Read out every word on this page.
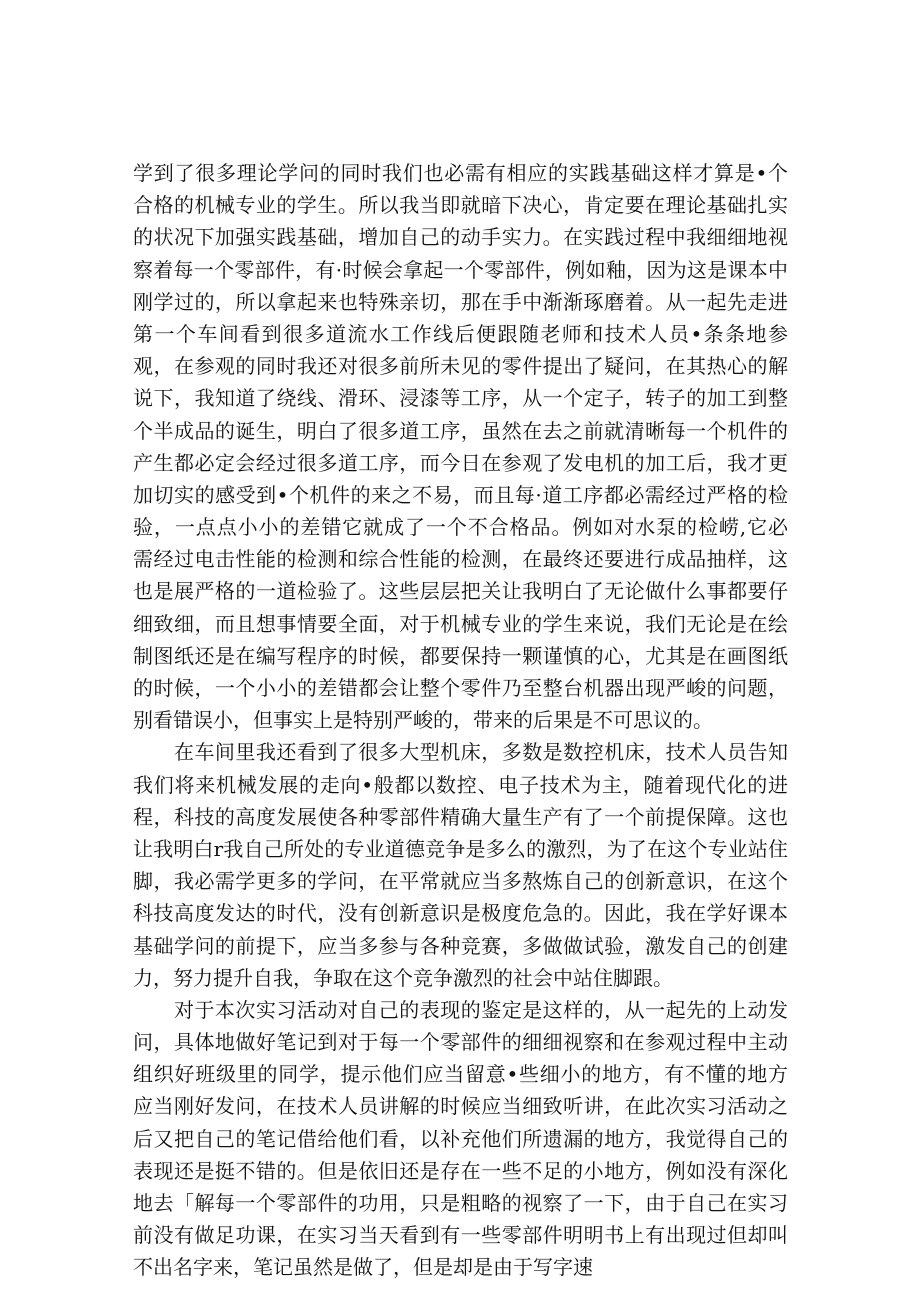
学到了很多理论学问的同时我们也必需有相应的实践基础这样才算是•个
合格的机械专业的学生。所以我当即就暗下决心，肯定要在理论基础扎实
的状况下加强实践基础，增加自己的动手实力。在实践过程中我细细地视
察着每一个零部件，有·时候会拿起一个零部件，例如釉，因为这是课本中
刚学过的，所以拿起来也特殊亲切，那在手中渐渐琢磨着。从一起先走进
第一个车间看到很多道流水工作线后便跟随老师和技术人员•条条地参
观，在参观的同时我还对很多前所未见的零件提出了疑问，在其热心的解
说下，我知道了绕线、滑环、浸漆等工序，从一个定子，转子的加工到整
个半成品的诞生，明白了很多道工序，虽然在去之前就清晰每一个机件的
产生都必定会经过很多道工序，而今日在参观了发电机的加工后，我才更
加切实的感受到•个机件的来之不易，而且每·道工序都必需经过严格的检
验，一点点小小的差错它就成了一个不合格品。例如对水泵的检崂,它必
需经过电击性能的检测和综合性能的检测，在最终还要进行成品抽样，这
也是展严格的一道检验了。这些层层把关让我明白了无论做什么事都要仔
细致细，而且想事情要全面，对于机械专业的学生来说，我们无论是在绘
制图纸还是在编写程序的时候，都要保持一颗谨慎的心，尤其是在画图纸
的时候，一个小小的差错都会让整个零件乃至整台机器出现严峻的问题，
别看错误小，但事实上是特别严峻的，带来的后果是不可思议的。
　　在车间里我还看到了很多大型机床，多数是数控机床，技术人员告知
我们将来机械发展的走向•般都以数控、电子技术为主，随着现代化的进
程，科技的高度发展使各种零部件精确大量生产有了一个前提保障。这也
让我明白r我自己所处的专业道德竞争是多么的激烈，为了在这个专业站住
脚，我必需学更多的学问，在平常就应当多熬炼自己的创新意识，在这个
科技高度发达的时代，没有创新意识是极度危急的。因此，我在学好课本
基础学问的前提下，应当多参与各种竞赛，多做做试验，激发自己的创建
力，努力提升自我，争取在这个竞争激烈的社会中站住脚跟。
　　对于本次实习活动对自己的表现的鉴定是这样的，从一起先的上动发
问，具体地做好笔记到对于每一个零部件的细细视察和在参观过程中主动
组织好班级里的同学，提示他们应当留意•些细小的地方，有不懂的地方
应当刚好发问，在技术人员讲解的时候应当细致听讲，在此次实习活动之
后又把自己的笔记借给他们看，以补充他们所遗漏的地方，我觉得自己的
表现还是挺不错的。但是依旧还是存在一些不足的小地方，例如没有深化
地去「解每一个零部件的功用，只是粗略的视察了一下，由于自己在实习
前没有做足功课，在实习当天看到有一些零部件明明书上有出现过但却叫
不出名字来，笔记虽然是做了，但是却是由于写字速
